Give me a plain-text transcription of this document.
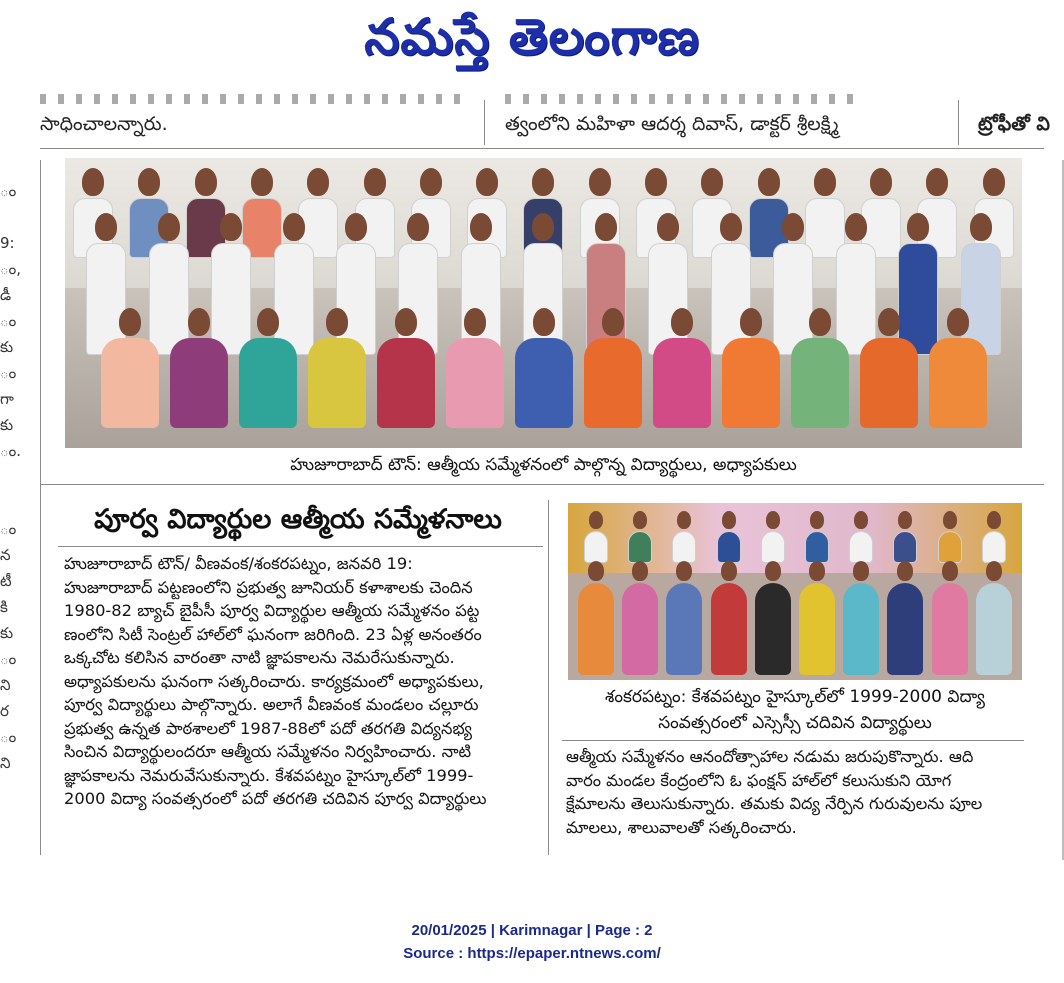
నమస్తే తెలంగాణ
సాధించాలన్నారు.	త్వంలోని మహిళా ఆదర్శ దివాస్, డాక్టర్ శ్రీలక్ష్మి	ట్రోఫీతో వి
ం

9:
ం,
డీ
ం
కు
ం
గా
కు
ం.

ం
న
టీ
కి
కు
ం
ని
ర
ం
ని
హుజూరాబాద్ టౌన్: ఆత్మీయ సమ్మేళనంలో పాల్గొన్న విద్యార్థులు, అధ్యాపకులు
పూర్వ విద్యార్థుల ఆత్మీయ సమ్మేళనాలు

హుజూరాబాద్ టౌన్/ వీణవంక/శంకరపట్నం, జనవరి 19:

హుజూరాబాద్ పట్టణంలోని ప్రభుత్వ జూనియర్ కళాశాలకు చెందిన

1980-82 బ్యాచ్ బైపీసీ పూర్వ విద్యార్థుల ఆత్మీయ సమ్మేళనం పట్ట

ణంలోని సిటీ సెంట్రల్ హాల్‌లో ఘనంగా జరిగింది. 23 ఏళ్ల అనంతరం

ఒక్కచోట కలిసిన వారంతా నాటి జ్ఞాపకాలను నెమరేసుకున్నారు.

అధ్యాపకులను ఘనంగా సత్కరించారు. కార్యక్రమంలో అధ్యాపకులు,

పూర్వ విద్యార్థులు పాల్గొన్నారు. అలాగే వీణవంక మండలం చల్లూరు

ప్రభుత్వ ఉన్నత పాఠశాలలో 1987-88లో పదో తరగతి విద్యనభ్య

సించిన విద్యార్థులందరూ ఆత్మీయ సమ్మేళనం నిర్వహించారు. నాటి

జ్ఞాపకాలను నెమరువేసుకున్నారు. కేశవపట్నం హైస్కూల్‌లో 1999-

2000 విద్యా సంవత్సరంలో పదో తరగతి చదివిన పూర్వ విద్యార్థులు

శంకరపట్నం: కేశవపట్నం హైస్కూల్‌లో 1999-2000 విద్యా
సంవత్సరంలో ఎస్సెస్సీ చదివిన విద్యార్థులు

ఆత్మీయ సమ్మేళనం ఆనందోత్సాహాల నడుమ జరుపుకొన్నారు. ఆది

వారం మండల కేంద్రంలోని ఓ ఫంక్షన్ హాల్‌లో కలుసుకుని యోగ

క్షేమాలను తెలుసుకున్నారు. తమకు విద్య నేర్పిన గురువులను పూల

మాలలు, శాలువాలతో సత్కరించారు.

20/01/2025 | Karimnagar | Page : 2
Source : https://epaper.ntnews.com/
